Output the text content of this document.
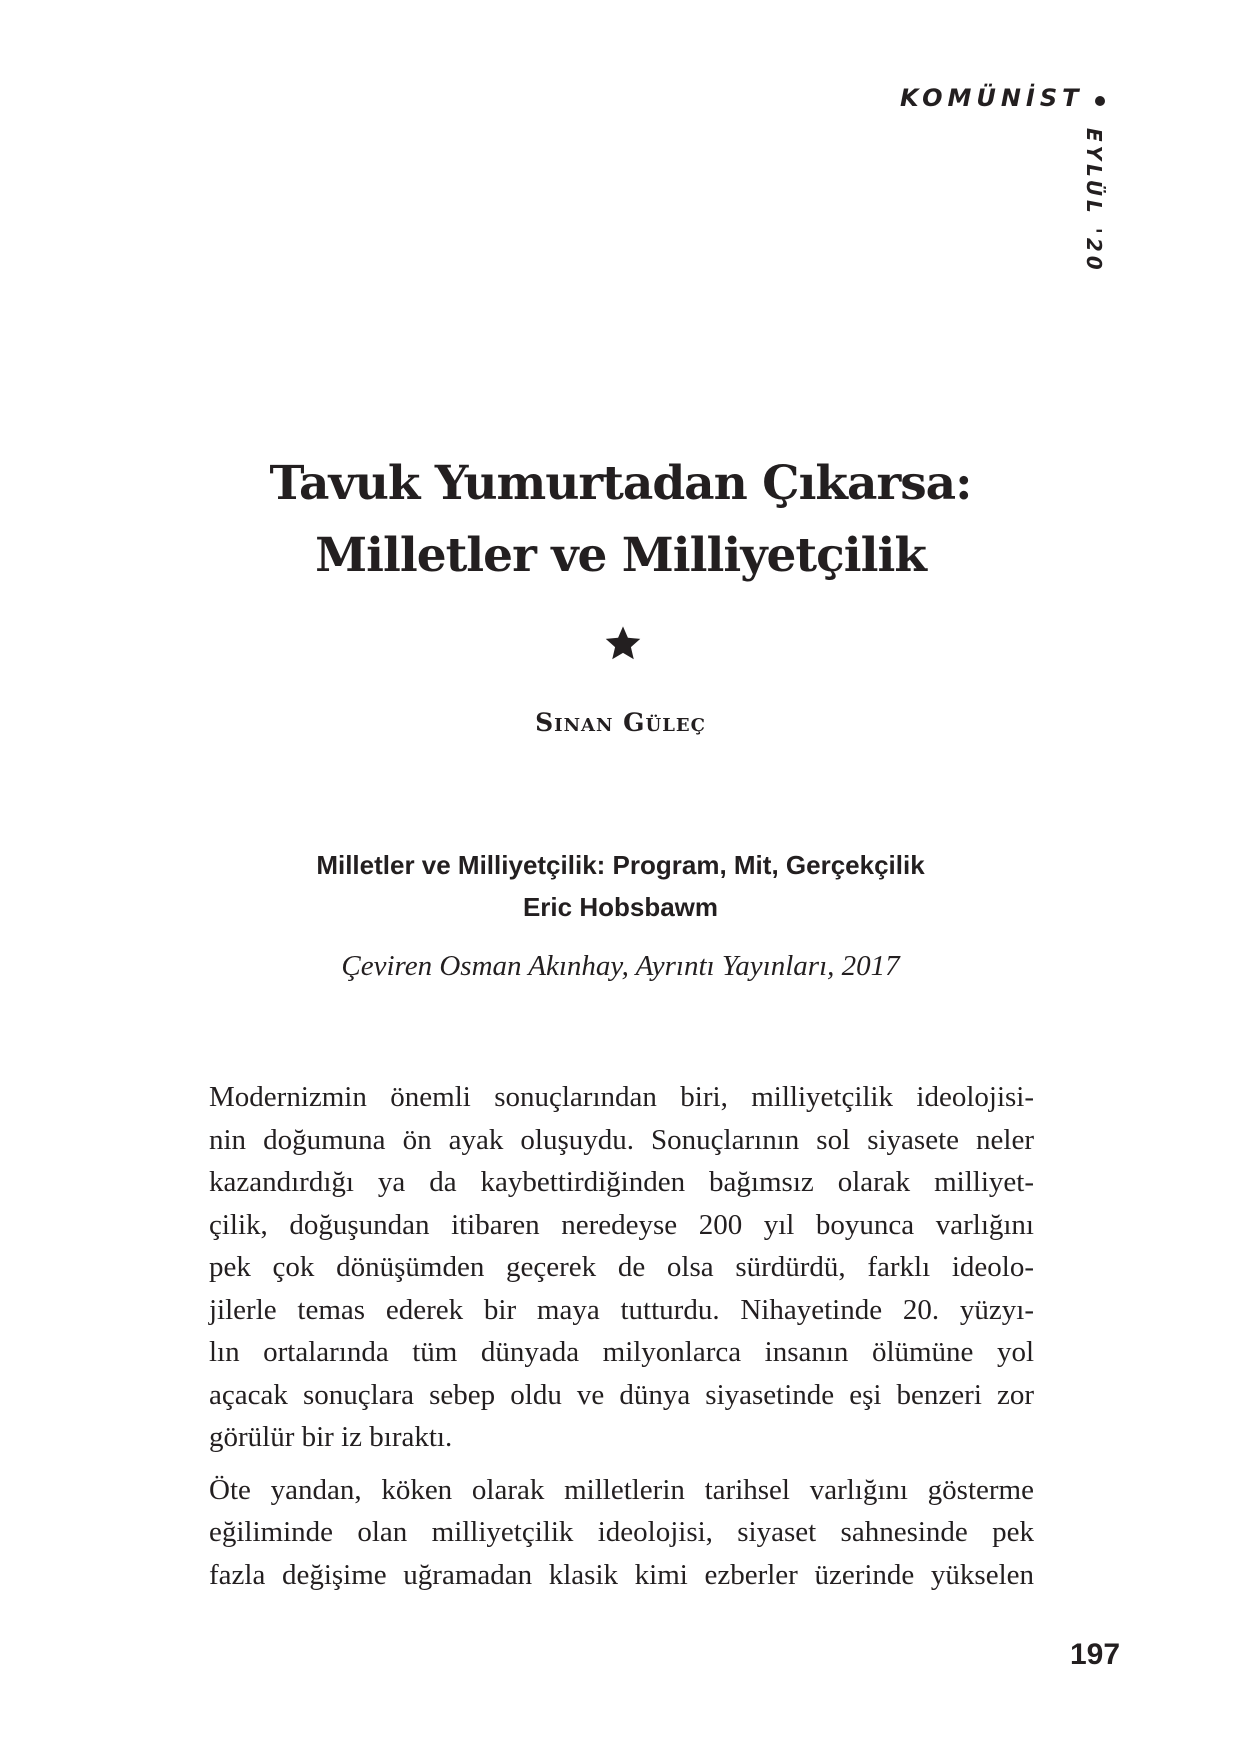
KOMÜNİST
EYLÜL '20
Tavuk Yumurtadan Çıkarsa:
Milletler ve Milliyetçilik
Sinan Güleç
Milletler ve Milliyetçilik: Program, Mit, Gerçekçilik
Eric Hobsbawm
Çeviren Osman Akınhay, Ayrıntı Yayınları, 2017
Modernizmin önemli sonuçlarından biri, milliyetçilik ideolojisi-
nin doğumuna ön ayak oluşuydu. Sonuçlarının sol siyasete neler
kazandırdığı ya da kaybettirdiğinden bağımsız olarak milliyet-
çilik, doğuşundan itibaren neredeyse 200 yıl boyunca varlığını
pek çok dönüşümden geçerek de olsa sürdürdü, farklı ideolo-
jilerle temas ederek bir maya tutturdu. Nihayetinde 20. yüzyı-
lın ortalarında tüm dünyada milyonlarca insanın ölümüne yol
açacak sonuçlara sebep oldu ve dünya siyasetinde eşi benzeri zor
görülür bir iz bıraktı.
Öte yandan, köken olarak milletlerin tarihsel varlığını gösterme
eğiliminde olan milliyetçilik ideolojisi, siyaset sahnesinde pek
fazla değişime uğramadan klasik kimi ezberler üzerinde yükselen
197
